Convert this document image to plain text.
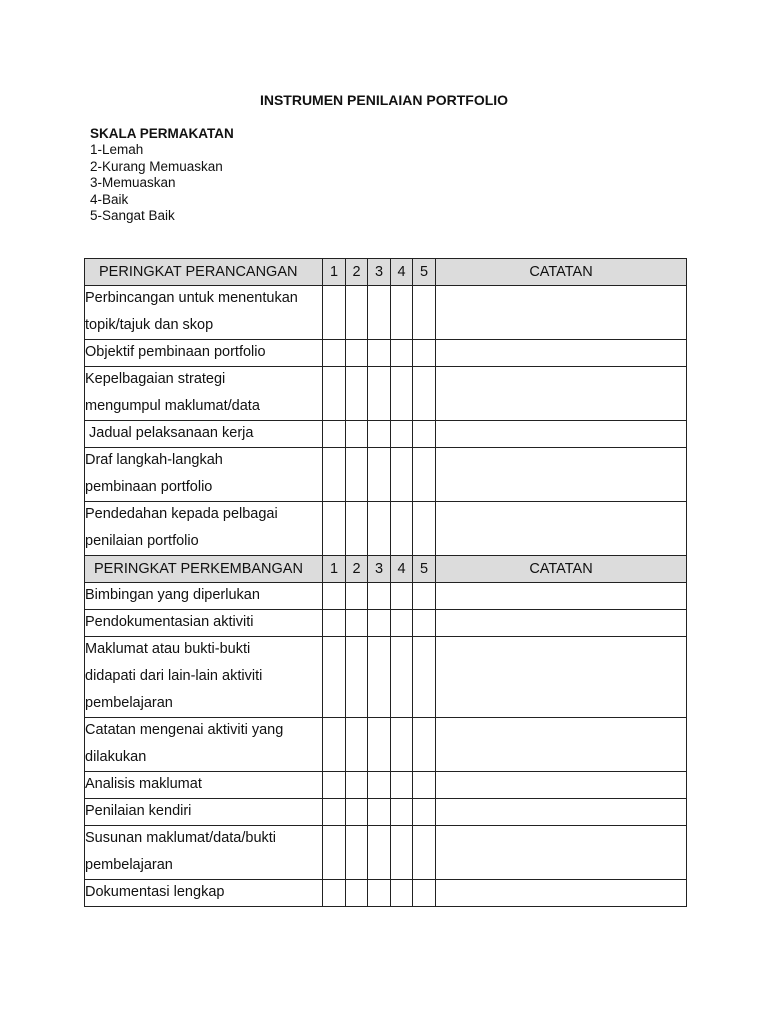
INSTRUMEN PENILAIAN PORTFOLIO
SKALA PERMAKATAN
1-Lemah
2-Kurang Memuaskan
3-Memuaskan
4-Baik
5-Sangat Baik
PERINGKAT PERANCANGAN	1	2	3	4	5	CATATAN

Perbincangan untuk menentukan
topik/tajuk dan skop						

Objektif pembinaan portfolio						

Kepelbagaian strategi
mengumpul maklumat/data						

Jadual pelaksanaan kerja						

Draf langkah-langkah
pembinaan portfolio						

Pendedahan kepada pelbagai
penilaian portfolio						

PERINGKAT PERKEMBANGAN	1	2	3	4	5	CATATAN

Bimbingan yang diperlukan						

Pendokumentasian aktiviti						

Maklumat atau bukti-bukti
didapati dari lain-lain aktiviti
pembelajaran						

Catatan mengenai aktiviti yang
dilakukan						

Analisis maklumat						

Penilaian kendiri						

Susunan maklumat/data/bukti
pembelajaran						

Dokumentasi lengkap						
